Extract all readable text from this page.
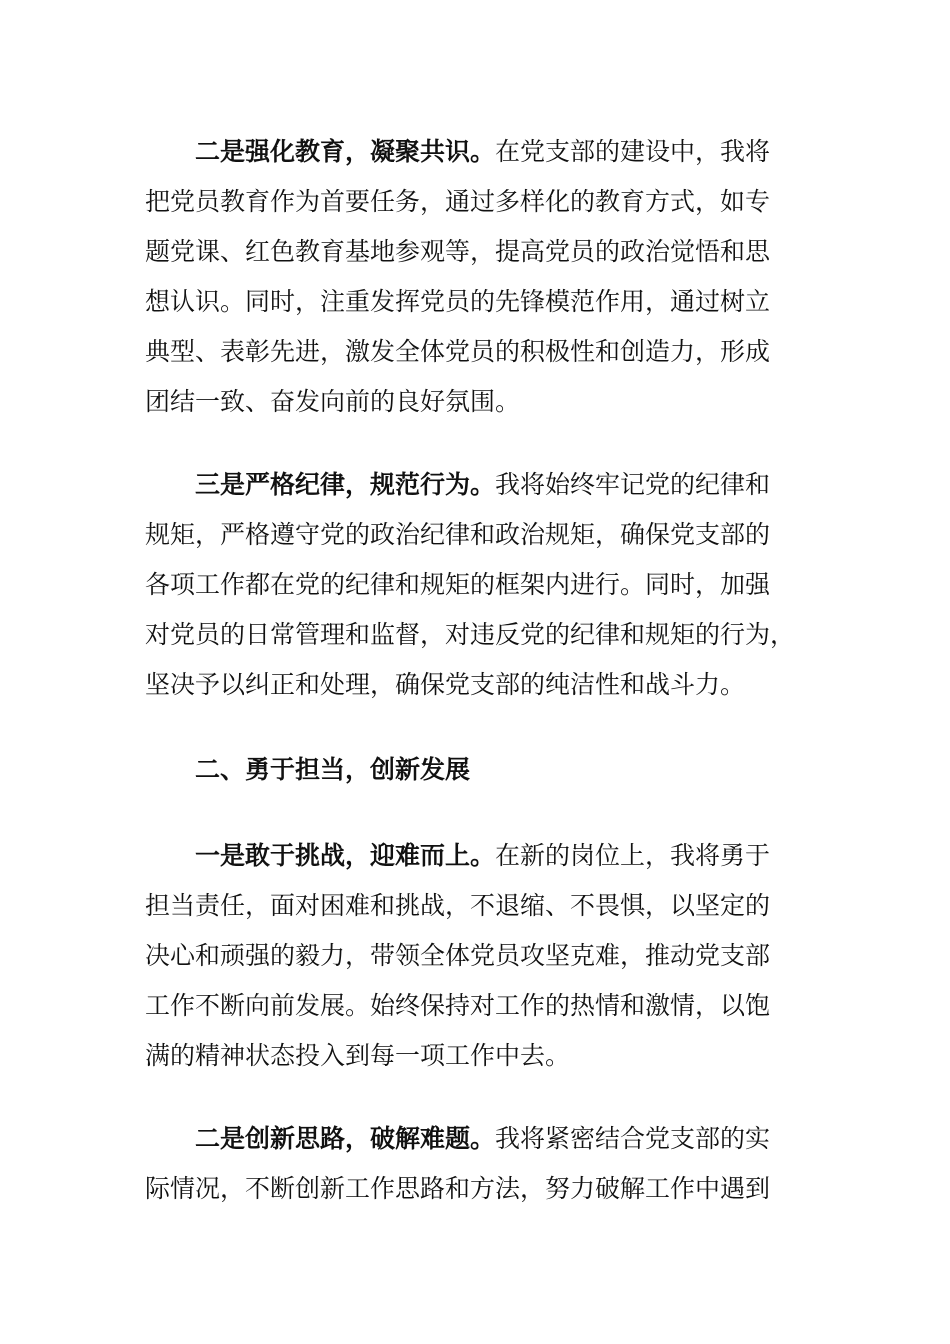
二是强化教育，凝聚共识。在党支部的建设中，我将
把党员教育作为首要任务，通过多样化的教育方式，如专
题党课、红色教育基地参观等，提高党员的政治觉悟和思
想认识。同时，注重发挥党员的先锋模范作用，通过树立
典型、表彰先进，激发全体党员的积极性和创造力，形成
团结一致、奋发向前的良好氛围。
三是严格纪律，规范行为。我将始终牢记党的纪律和
规矩，严格遵守党的政治纪律和政治规矩，确保党支部的
各项工作都在党的纪律和规矩的框架内进行。同时，加强
对党员的日常管理和监督，对违反党的纪律和规矩的行为，
坚决予以纠正和处理，确保党支部的纯洁性和战斗力。
二、勇于担当，创新发展
一是敢于挑战，迎难而上。在新的岗位上，我将勇于
担当责任，面对困难和挑战，不退缩、不畏惧，以坚定的
决心和顽强的毅力，带领全体党员攻坚克难，推动党支部
工作不断向前发展。始终保持对工作的热情和激情，以饱
满的精神状态投入到每一项工作中去。
二是创新思路，破解难题。我将紧密结合党支部的实
际情况，不断创新工作思路和方法，努力破解工作中遇到
